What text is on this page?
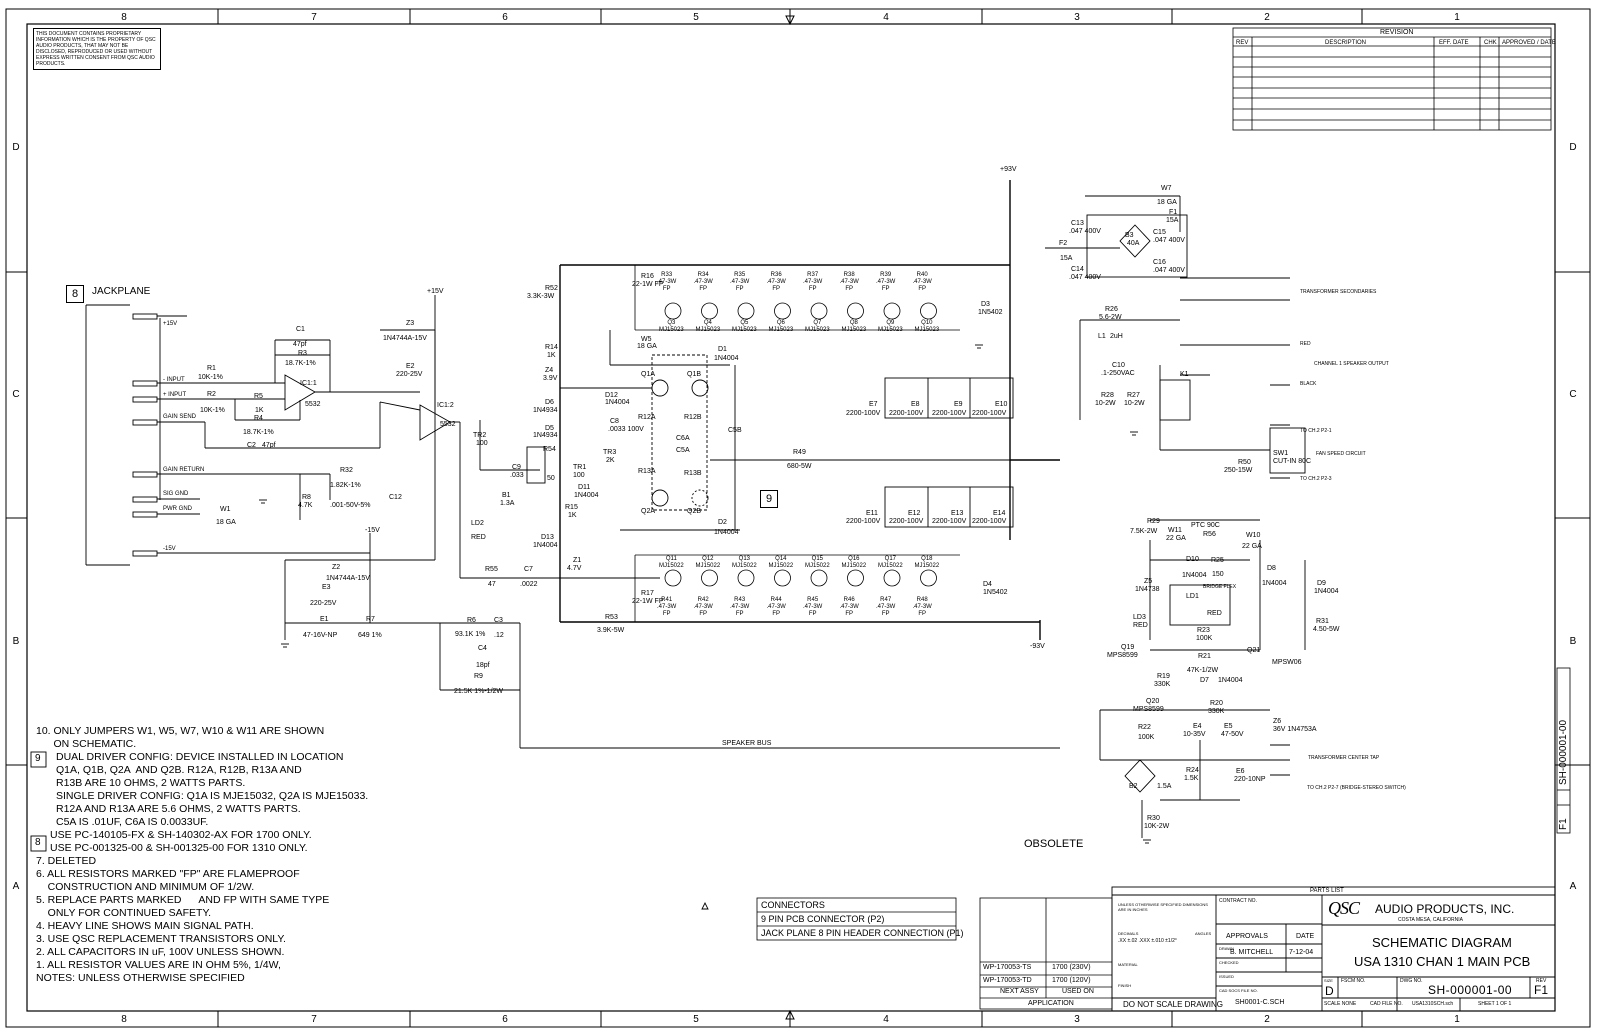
8	7	6	5	4	3	2	1
8	7	6	5	4	3	2	1
D
C
B
A
D
C
B
A
THIS DOCUMENT CONTAINS PROPRIETARY INFORMATION WHICH IS THE PROPERTY OF QSC AUDIO PRODUCTS, THAT MAY NOT BE DISCLOSED, REPRODUCED OR USED WITHOUT EXPRESS WRITTEN CONSENT FROM QSC AUDIO PRODUCTS.
REVISION
REV	DESCRIPTION	EFF. DATE	CHK APPROVED / DATE
8	JACKPLANE
- INPUT
+ INPUT
GAIN SEND
GAIN RETURN
SIG GND
PWR GND
+15V
-15V
+15V
-15V
+93V
-93V
SPEAKER BUS
OBSOLETE
C1
47pf
R3
18.7K-1%
IC1:1
5532
R1
10K-1%
R2
10K-1%
R5
1K
R4
18.7K-1%
C2 47pf
Z3
1N4744A-15V
E2
220-25V
IC1:2
5532
TR2
100
B1
1.3A
LD2
RED
C9
.033
R32
1.82K-1%
R8
4.7K
C12
.001-50V-5%
W1
18 GA
Z2
1N4744A-15V
E3
220-25V
E1
47-16V-NP
R7
649 1%
R6
93.1K 1%
C3
.12
C4
18pf
R9
21.5K 1%-1/2W
R55
47
C7
.0022
R52
3.3K-3W
R14
1K
Z4
3.9V
D6
1N4934
D5
1N4934
R54
50
TR1
100
C8
.0033 100V
TR3
2K
D12
1N4004
D11
1N4004
R15
1K
D13
1N4004
Z1
4.7V
R53
3.9K-5W
W5
18 GA	D1
1N4004
D2
1N4004
R49
680-5W
R16
22-1W FP
R17
22-1W FP
D3
1N5402
D4
1N5402
E7
2200-100V
E8
2200-100V
E9
2200-100V
E10
2200-100V
E11
2200-100V
E12
2200-100V
E13
2200-100V
E14
2200-100V
W7
18 GA
F1
15A
F2
15A
B3
40A
C13
.047 400V
C14
.047 400V
C15
.047 400V
C16
.047 400V
R26
5.6-2W
L1 2uH
C10
.1-250VAC
R28
10-2W
R27
10-2W
K1
R50
250-15W
SW1
CUT-IN 80C
R29
7.5K-2W W11
22 GA
R56
PTC 90C
W10
22 GA
D10
1N4004
R25
150
D8
1N4004	D9
1N4004
Z5
1N4738
LD1
RED
LD3
RED
R23
100K
Q19
MPS8599	R21
47K-1/2W
Q21
MPSW06
R31
4.50-5W
R19
330K
D7 1N4004
R20
330K
Q20
MPS8599
R22
100K
E4
10-35V
E5
47-50V
Z6
36V 1N4753A
R24
1.5K
E6
220-10NP
B2	1.5A
R30
10K-2W
R33
.47-3W
FP
Q3
MJ15023
R34
.47-3W
FP
Q4
MJ15023
R35
.47-3W
FP
Q5
MJ15023
R36
.47-3W
FP
Q6
MJ15023
R37
.47-3W
FP
Q7
MJ15023
R38
.47-3W
FP
Q8
MJ15023
R39
.47-3W
FP
Q9
MJ15023
R40
.47-3W
FP
Q10
MJ15023
R41
.47-3W
FP
Q11
MJ15022
R42
.47-3W
FP
Q12
MJ15022
R43
.47-3W
FP
Q13
MJ15022
R44
.47-3W
FP
Q14
MJ15022
R45
.47-3W
FP
Q15
MJ15022
R46
.47-3W
FP
Q16
MJ15022
R47
.47-3W
FP
Q17
MJ15022
R48
.47-3W
FP
Q18
MJ15022
Q1A	Q1B
Q2A	Q2B
R12A	R12B
R13A	R13B
C5A
C5B
C6A
9
TRANSFORMER SECONDARIES
RED
CHANNEL 1 SPEAKER OUTPUT
BLACK
TO CH.2 P2-1
FAN SPEED CIRCUIT
TO CH.2 P2-3
TRANSFORMER CENTER TAP
TO CH.2 P2-7 (BRIDGE-STEREO SWITCH)
BRIDGE FLEX
10. ONLY JUMPERS W1, W5, W7, W10 & W11 ARE SHOWN
ON SCHEMATIC.
DUAL DRIVER CONFIG: DEVICE INSTALLED IN LOCATION
Q1A, Q1B, Q2A  AND Q2B. R12A, R12B, R13A AND
R13B ARE 10 OHMS, 2 WATTS PARTS.
SINGLE DRIVER CONFIG: Q1A IS MJE15032, Q2A IS MJE15033.
R12A AND R13A ARE 5.6 OHMS, 2 WATTS PARTS.
C5A IS .01UF, C6A IS 0.0033UF.
USE PC-140105-FX & SH-140302-AX FOR 1700 ONLY.
USE PC-001325-00 & SH-001325-00 FOR 1310 ONLY.
7. DELETED
6. ALL RESISTORS MARKED "FP" ARE FLAMEPROOF
CONSTRUCTION AND MINIMUM OF 1/2W.
5. REPLACE PARTS MARKED      AND FP WITH SAME TYPE
ONLY FOR CONTINUED SAFETY.
4. HEAVY LINE SHOWS MAIN SIGNAL PATH.
3. USE QSC REPLACEMENT TRANSISTORS ONLY.
2. ALL CAPACITORS IN uF, 100V UNLESS SHOWN.
1. ALL RESISTOR VALUES ARE IN OHM 5%, 1/4W,
NOTES: UNLESS OTHERWISE SPECIFIED
9
8
CONNECTORS
9 PIN PCB CONNECTOR (P2)
JACK PLANE 8 PIN HEADER CONNECTION (P1)
WP-170053-TS	1700 (230V)
WP-170053-TD	1700 (120V)
NEXT ASSY	USED ON
APPLICATION
PARTS LIST
UNLESS OTHERWISE SPECIFIED DIMENSIONS ARE IN INCHES
DECIMALS	ANGLES
.XX ±.02 .XXX ±.010 ±1/2°
MATERIAL
FINISH
DO NOT SCALE DRAWING
CONTRACT NO.
APPROVALS	DATE
DRAWN
B. MITCHELL 7-12-04
CHECKED
ISSUED
CAD SOCS FILE NO.
SH0001-C.SCH
QSC AUDIO PRODUCTS, INC.
COSTA MESA, CALIFORNIA
SCHEMATIC DIAGRAM
USA 1310 CHAN 1 MAIN PCB
SIZE
D
FSCM NO.	DWG NO.
SH-000001-00
REV
F1
SCALE NONE	CAD FILE NO. USA1310SCH.sch	SHEET 1 OF 1
SH-000001-00
F1
